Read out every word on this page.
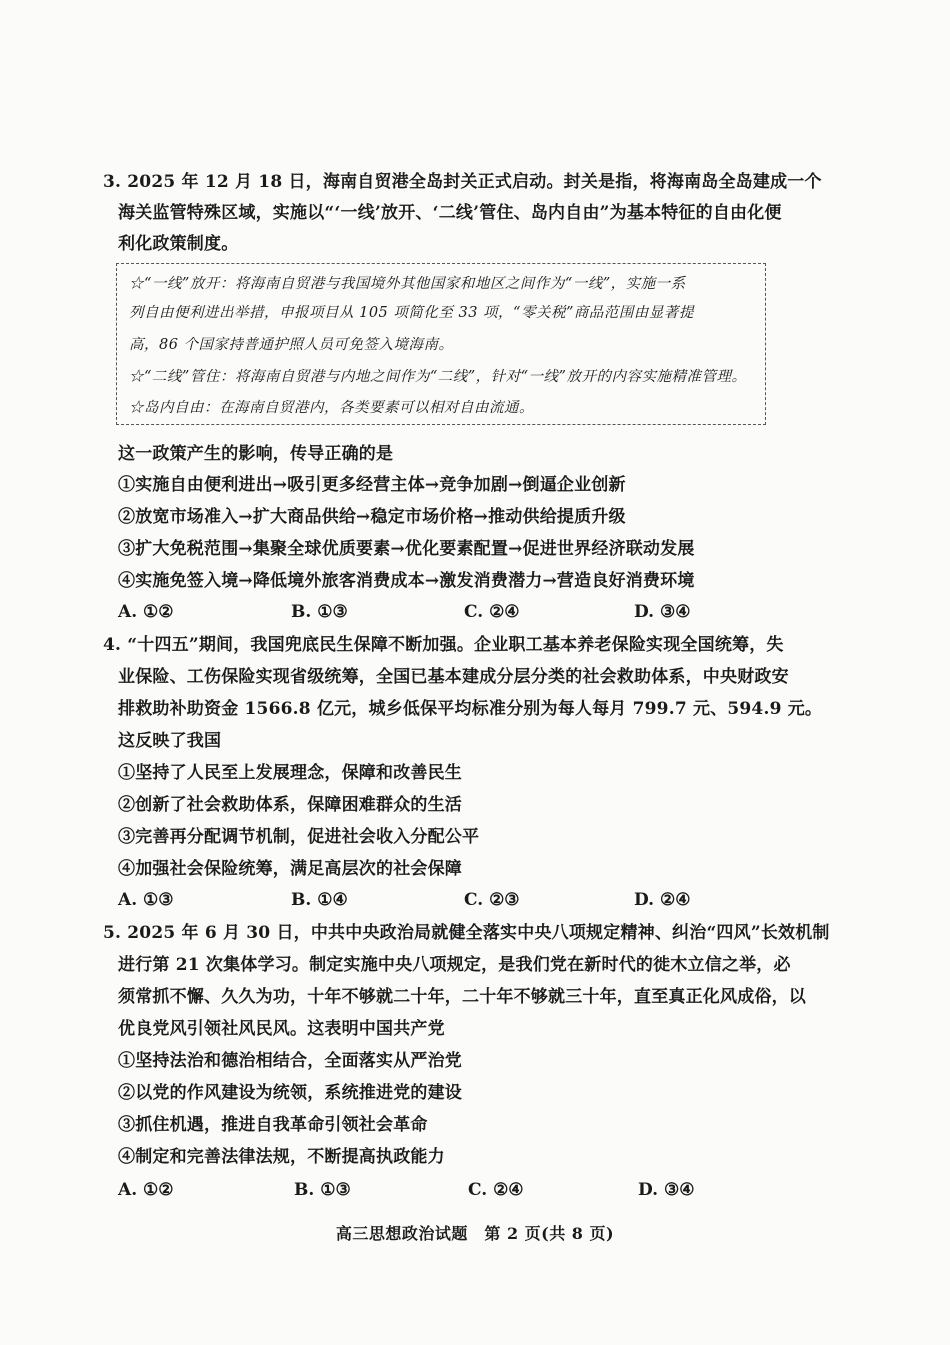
3. 2025 年 12 月 18 日，海南自贸港全岛封关正式启动。封关是指，将海南岛全岛建成一个
海关监管特殊区域，实施以“‘一线’放开、‘二线’管住、岛内自由”为基本特征的自由化便
利化政策制度。
☆“一线”放开：将海南自贸港与我国境外其他国家和地区之间作为“一线”，实施一系
列自由便利进出举措，申报项目从 105 项简化至 33 项，“零关税”商品范围由显著提
高，86 个国家持普通护照人员可免签入境海南。
☆“二线”管住：将海南自贸港与内地之间作为“二线”，针对“一线”放开的内容实施精准管理。
☆岛内自由：在海南自贸港内，各类要素可以相对自由流通。
这一政策产生的影响，传导正确的是
①实施自由便利进出→吸引更多经营主体→竞争加剧→倒逼企业创新
②放宽市场准入→扩大商品供给→稳定市场价格→推动供给提质升级
③扩大免税范围→集聚全球优质要素→优化要素配置→促进世界经济联动发展
④实施免签入境→降低境外旅客消费成本→激发消费潜力→营造良好消费环境
A. ①②	B. ①③	C. ②④	D. ③④
4. “十四五”期间，我国兜底民生保障不断加强。企业职工基本养老保险实现全国统筹，失
业保险、工伤保险实现省级统筹，全国已基本建成分层分类的社会救助体系，中央财政安
排救助补助资金 1566.8 亿元，城乡低保平均标准分别为每人每月 799.7 元、594.9 元。
这反映了我国
①坚持了人民至上发展理念，保障和改善民生
②创新了社会救助体系，保障困难群众的生活
③完善再分配调节机制，促进社会收入分配公平
④加强社会保险统筹，满足高层次的社会保障
A. ①③	B. ①④	C. ②③	D. ②④
5. 2025 年 6 月 30 日，中共中央政治局就健全落实中央八项规定精神、纠治“四风”长效机制
进行第 21 次集体学习。制定实施中央八项规定，是我们党在新时代的徙木立信之举，必
须常抓不懈、久久为功，十年不够就二十年，二十年不够就三十年，直至真正化风成俗，以
优良党风引领社风民风。这表明中国共产党
①坚持法治和德治相结合，全面落实从严治党
②以党的作风建设为统领，系统推进党的建设
③抓住机遇，推进自我革命引领社会革命
④制定和完善法律法规，不断提高执政能力
A. ①②	B. ①③	C. ②④	D. ③④
高三思想政治试题　第 2 页(共 8 页)
